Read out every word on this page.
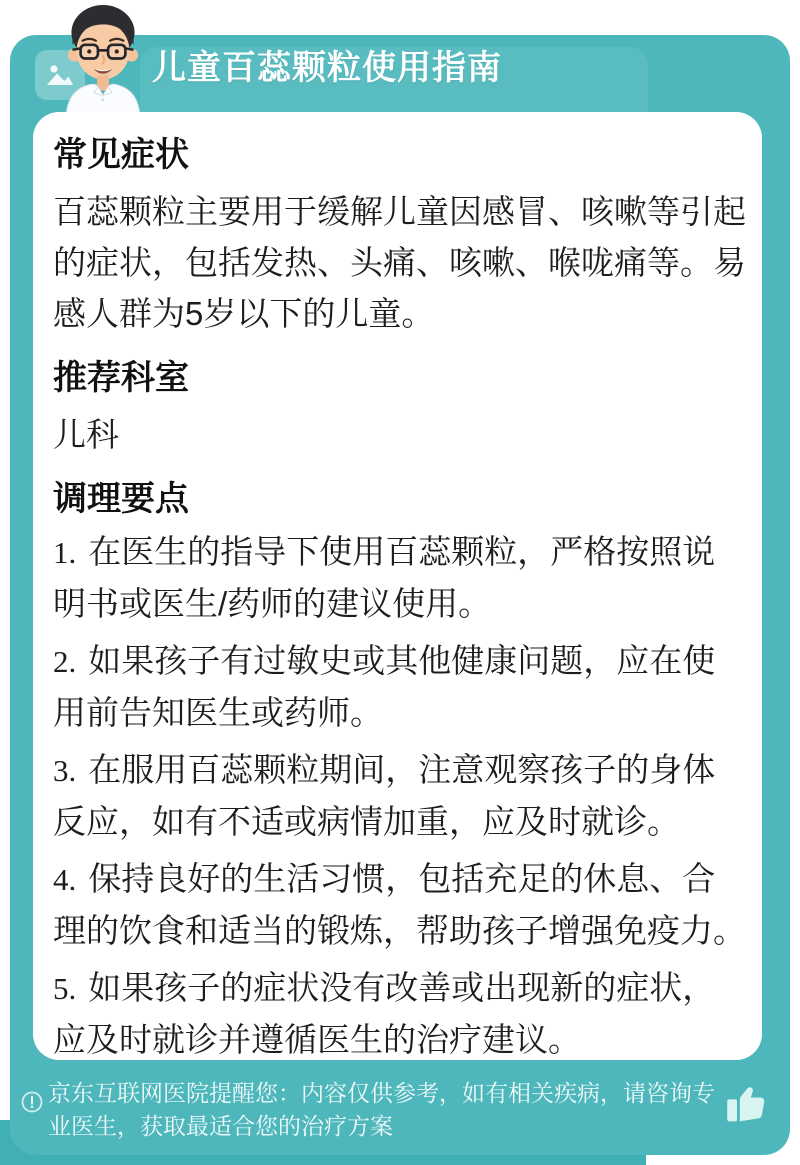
儿童百蕊颗粒使用指南
常见症状

百蕊颗粒主要用于缓解儿童因感冒、咳嗽等引起的症状，包括发热、头痛、咳嗽、喉咙痛等。易感人群为5岁以下的儿童。

推荐科室

儿科

调理要点

1. 在医生的指导下使用百蕊颗粒，严格按照说明书或医生/药师的建议使用。

2. 如果孩子有过敏史或其他健康问题，应在使用前告知医生或药师。

3. 在服用百蕊颗粒期间，注意观察孩子的身体反应，如有不适或病情加重，应及时就诊。

4. 保持良好的生活习惯，包括充足的休息、合理的饮食和适当的锻炼，帮助孩子增强免疫力。

5. 如果孩子的症状没有改善或出现新的症状，应及时就诊并遵循医生的治疗建议。

京东互联网医院提醒您：内容仅供参考，如有相关疾病，请咨询专业医生，获取最适合您的治疗方案
